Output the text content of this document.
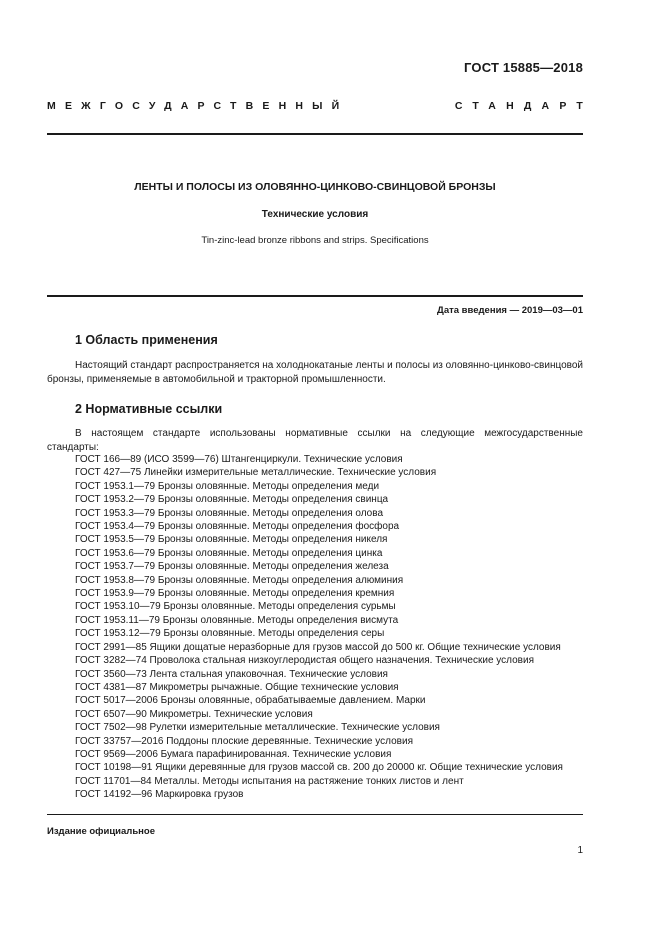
ГОСТ 15885—2018
МЕЖГОСУДАРСТВЕННЫЙ	СТАНДАРТ
ЛЕНТЫ И ПОЛОСЫ ИЗ ОЛОВЯННО-ЦИНКОВО-СВИНЦОВОЙ БРОНЗЫ
Технические условия
Tin-zinc-lead bronze ribbons and strips. Specifications
Дата введения — 2019—03—01
1 Область применения
Настоящий стандарт распространяется на холоднокатаные ленты и полосы из оловянно-цинково-свинцовой бронзы, применяемые в автомобильной и тракторной промышленности.
2 Нормативные ссылки
В настоящем стандарте использованы нормативные ссылки на следующие межгосударственные стандарты:
ГОСТ 166—89 (ИСО 3599—76) Штангенциркули. Технические условия
ГОСТ 427—75 Линейки измерительные металлические. Технические условия
ГОСТ 1953.1—79 Бронзы оловянные. Методы определения меди
ГОСТ 1953.2—79 Бронзы оловянные. Методы определения свинца
ГОСТ 1953.3—79 Бронзы оловянные. Методы определения олова
ГОСТ 1953.4—79 Бронзы оловянные. Методы определения фосфора
ГОСТ 1953.5—79 Бронзы оловянные. Методы определения никеля
ГОСТ 1953.6—79 Бронзы оловянные. Методы определения цинка
ГОСТ 1953.7—79 Бронзы оловянные. Методы определения железа
ГОСТ 1953.8—79 Бронзы оловянные. Методы определения алюминия
ГОСТ 1953.9—79 Бронзы оловянные. Методы определения кремния
ГОСТ 1953.10—79 Бронзы оловянные. Методы определения сурьмы
ГОСТ 1953.11—79 Бронзы оловянные. Методы определения висмута
ГОСТ 1953.12—79 Бронзы оловянные. Методы определения серы
ГОСТ 2991—85 Ящики дощатые неразборные для грузов массой до 500 кг. Общие технические условия
ГОСТ 3282—74 Проволока стальная низкоуглеродистая общего назначения. Технические условия
ГОСТ 3560—73 Лента стальная упаковочная. Технические условия
ГОСТ 4381—87 Микрометры рычажные. Общие технические условия
ГОСТ 5017—2006 Бронзы оловянные, обрабатываемые давлением. Марки
ГОСТ 6507—90 Микрометры. Технические условия
ГОСТ 7502—98 Рулетки измерительные металлические. Технические условия
ГОСТ 33757—2016 Поддоны плоские деревянные. Технические условия
ГОСТ 9569—2006 Бумага парафинированная. Технические условия
ГОСТ 10198—91 Ящики деревянные для грузов массой св. 200 до 20000 кг. Общие технические условия
ГОСТ 11701—84 Металлы. Методы испытания на растяжение тонких листов и лент
ГОСТ 14192—96 Маркировка грузов
Издание официальное
1
